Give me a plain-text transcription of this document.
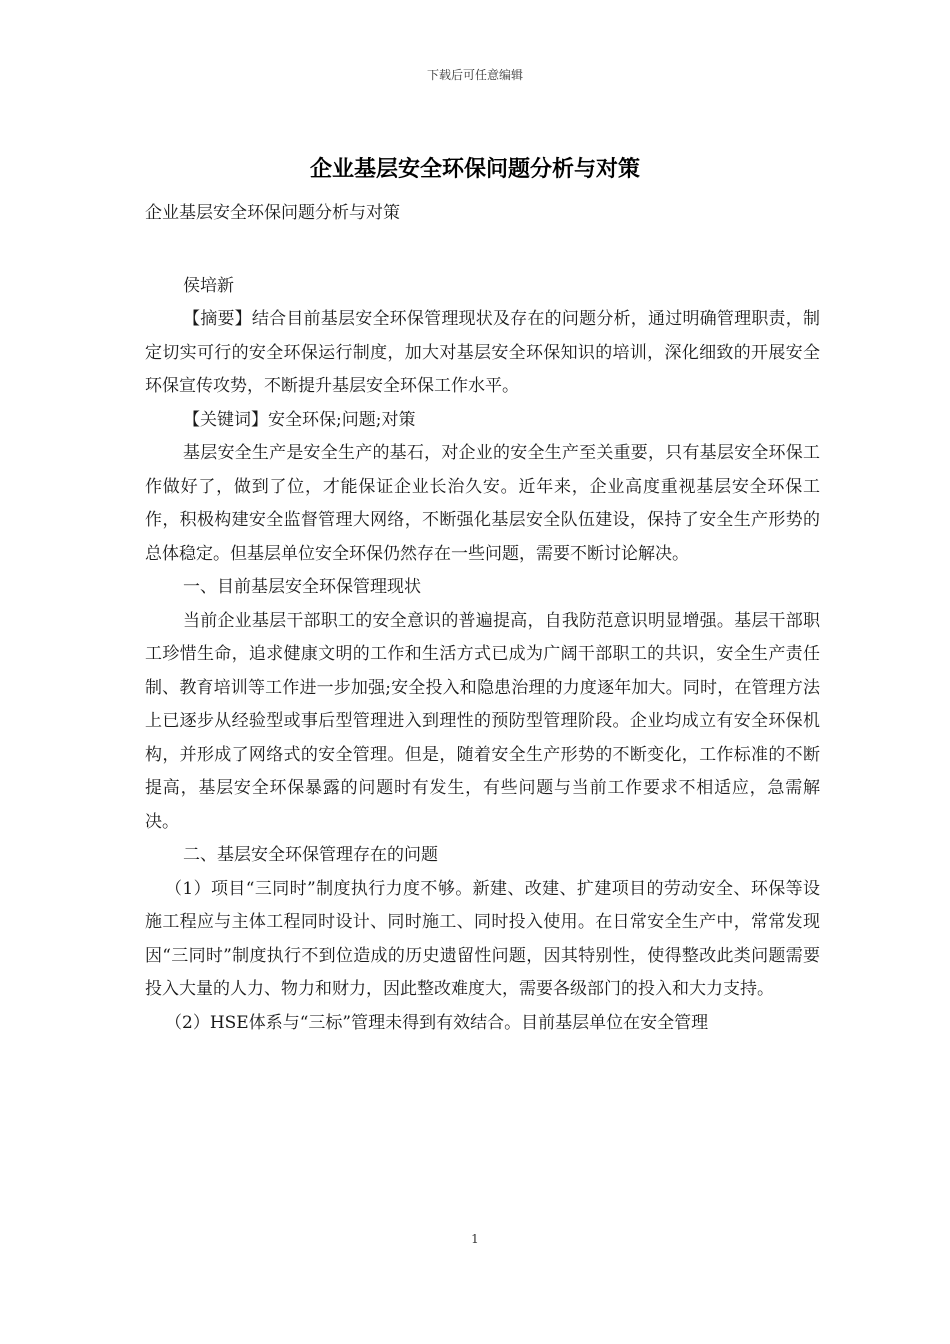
下载后可任意编辑
企业基层安全环保问题分析与对策

企业基层安全环保问题分析与对策

侯培新

【摘要】结合目前基层安全环保管理现状及存在的问题分析，通过明确管理职责，制定切实可行的安全环保运行制度，加大对基层安全环保知识的培训，深化细致的开展安全环保宣传攻势，不断提升基层安全环保工作水平。

【关键词】安全环保;问题;对策

基层安全生产是安全生产的基石，对企业的安全生产至关重要，只有基层安全环保工作做好了，做到了位，才能保证企业长治久安。近年来，企业高度重视基层安全环保工作，积极构建安全监督管理大网络，不断强化基层安全队伍建设，保持了安全生产形势的总体稳定。但基层单位安全环保仍然存在一些问题，需要不断讨论解决。

一、目前基层安全环保管理现状

当前企业基层干部职工的安全意识的普遍提高，自我防范意识明显增强。基层干部职工珍惜生命，追求健康文明的工作和生活方式已成为广阔干部职工的共识，安全生产责任制、教育培训等工作进一步加强;安全投入和隐患治理的力度逐年加大。同时，在管理方法上已逐步从经验型或事后型管理进入到理性的预防型管理阶段。企业均成立有安全环保机构，并形成了网络式的安全管理。但是，随着安全生产形势的不断变化，工作标准的不断提高，基层安全环保暴露的问题时有发生，有些问题与当前工作要求不相适应，急需解决。

二、基层安全环保管理存在的问题

（1）项目“三同时”制度执行力度不够。新建、改建、扩建项目的劳动安全、环保等设施工程应与主体工程同时设计、同时施工、同时投入使用。在日常安全生产中，常常发现因“三同时”制度执行不到位造成的历史遗留性问题，因其特别性，使得整改此类问题需要投入大量的人力、物力和财力，因此整改难度大，需要各级部门的投入和大力支持。

（2）HSE体系与“三标”管理未得到有效结合。目前基层单位在安全管理

1
